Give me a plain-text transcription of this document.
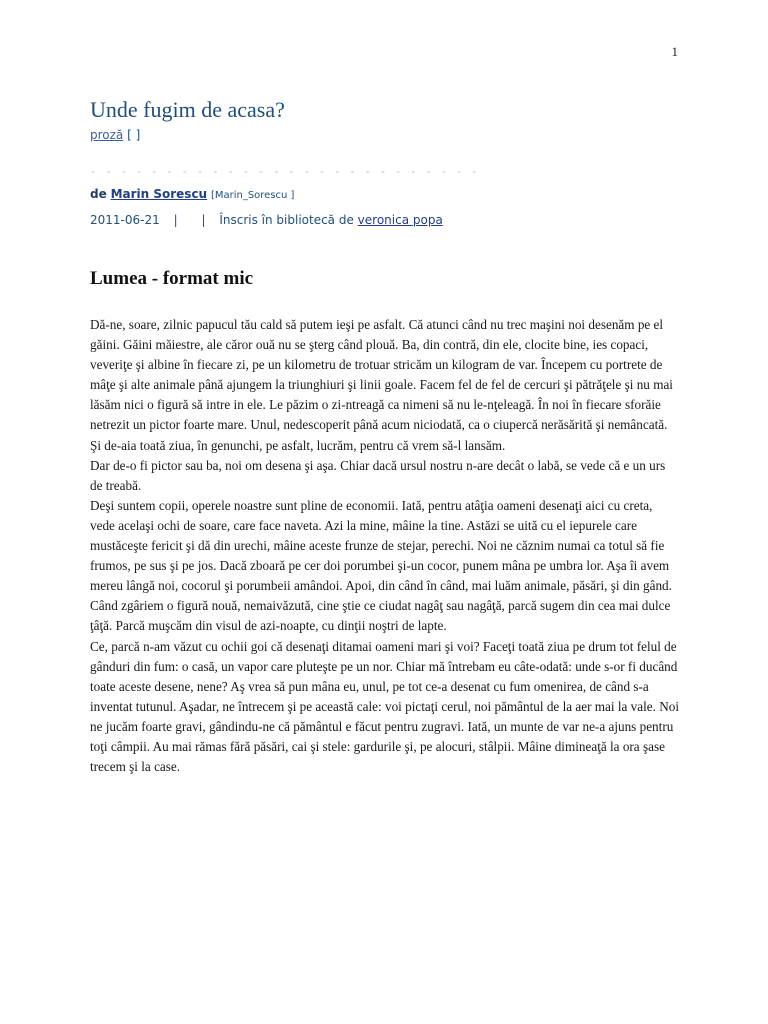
1
Unde fugim de acasa?
proză [ ]
- - - - - - - - - - - - - - - - - - - - - - - - - -
de Marin Sorescu [Marin_Sorescu ]
2011-06-21 | | Înscris în bibliotecă de veronica popa
Lumea - format mic

Dă-ne, soare, zilnic papucul tău cald să putem ieşi pe asfalt. Că atunci când nu trec maşini noi desenăm pe el găini. Găini măiestre, ale căror ouă nu se şterg când plouă. Ba, din contră, din ele, clocite bine, ies copaci, veveriţe şi albine în fiecare zi, pe un kilometru de trotuar stricăm un kilogram de var. Începem cu portrete de mâţe şi alte animale până ajungem la triunghiuri şi linii goale. Facem fel de fel de cercuri şi pătrăţele şi nu mai lăsăm nici o figură să intre in ele. Le păzim o zi-ntreagă ca nimeni să nu le-nţeleagă. În noi în fiecare sforăie netrezit un pictor foarte mare. Unul, nedescoperit până acum niciodată, ca o ciupercă nerăsărită şi nemâncată. Şi de-aia toată ziua, în genunchi, pe asfalt, lucrăm, pentru că vrem să-l lansăm.

Dar de-o fi pictor sau ba, noi om desena şi aşa. Chiar dacă ursul nostru n-are decât o labă, se vede că e un urs de treabă.

Deşi suntem copii, operele noastre sunt pline de economii. Iată, pentru atâţia oameni desenaţi aici cu creta, vede acelaşi ochi de soare, care face naveta. Azi la mine, mâine la tine. Astăzi se uită cu el iepurele care mustăceşte fericit şi dă din urechi, mâine aceste frunze de stejar, perechi. Noi ne căznim numai ca totul să fie frumos, pe sus şi pe jos. Dacă zboară pe cer doi porumbei şi-un cocor, punem mâna pe umbra lor. Aşa îi avem mereu lângă noi, cocorul şi porumbeii amândoi. Apoi, din când în când, mai luăm animale, păsări, şi din gând. Când zgâriem o figură nouă, nemaivăzută, cine ştie ce ciudat nagâţ sau nagâţă, parcă sugem din cea mai dulce ţâţă. Parcă muşcăm din visul de azi-noapte, cu dinţii noştri de lapte.

Ce, parcă n-am văzut cu ochii goi că desenaţi ditamai oameni mari şi voi? Faceţi toată ziua pe drum tot felul de gânduri din fum: o casă, un vapor care pluteşte pe un nor. Chiar mă întrebam eu câte-odată: unde s-or fi ducând toate aceste desene, nene? Aş vrea să pun mâna eu, unul, pe tot ce-a desenat cu fum omenirea, de când s-a inventat tutunul. Aşadar, ne întrecem şi pe această cale: voi pictaţi cerul, noi pământul de la aer mai la vale. Noi ne jucăm foarte gravi, gândindu-ne că pământul e făcut pentru zugravi. Iată, un munte de var ne-a ajuns pentru toţi câmpii. Au mai rămas fără păsări, cai şi stele: gardurile şi, pe alocuri, stâlpii. Mâine dimineaţă la ora şase trecem şi la case.
